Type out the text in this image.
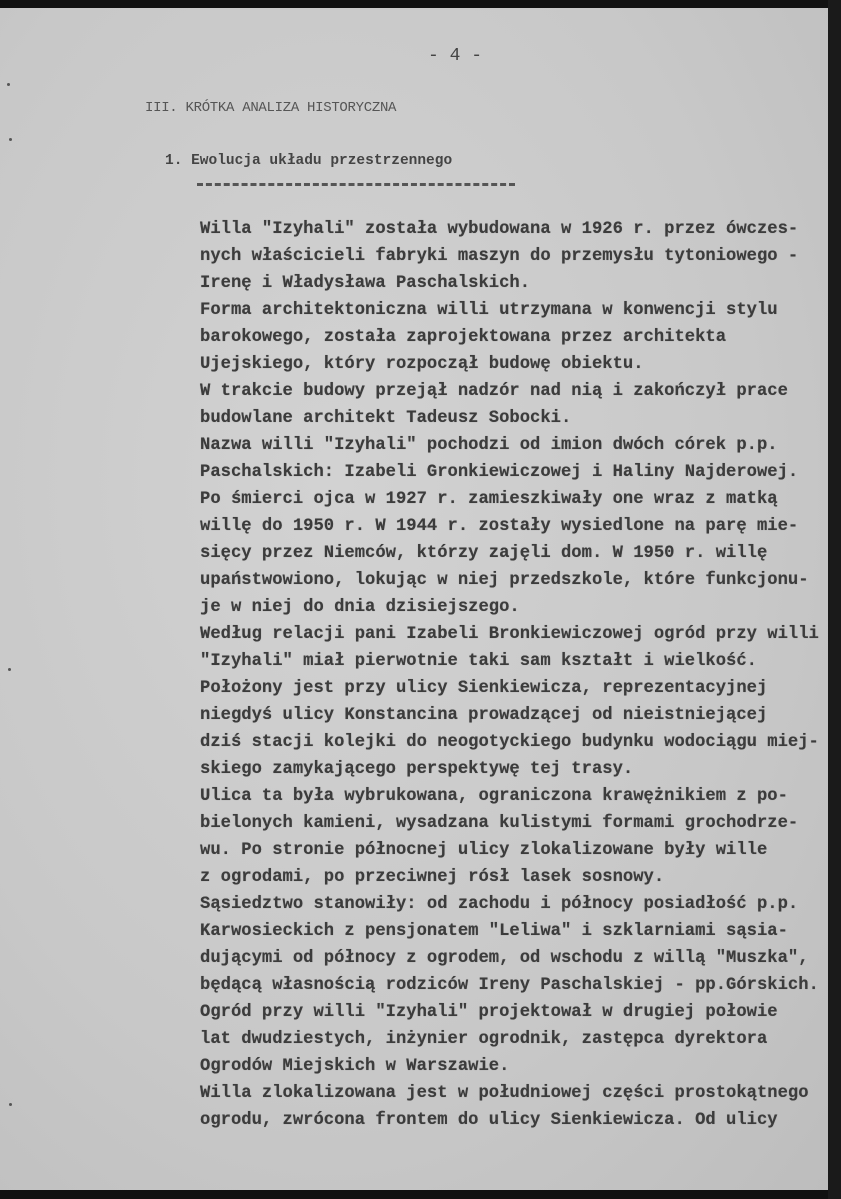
- 4 -
III. KRÓTKA ANALIZA HISTORYCZNA
1. Ewolucja układu przestrzennego
Willa "Izyhali" została wybudowana w 1926 r. przez ówczes-
nych właścicieli fabryki maszyn do przemysłu tytoniowego -
Irenę i Władysława Paschalskich.
Forma architektoniczna willi utrzymana w konwencji stylu
barokowego, została zaprojektowana przez architekta
Ujejskiego, który rozpoczął budowę obiektu.
W trakcie budowy przejął nadzór nad nią i zakończył prace
budowlane architekt Tadeusz Sobocki.
Nazwa willi "Izyhali" pochodzi od imion dwóch córek p.p.
Paschalskich: Izabeli Gronkiewiczowej i Haliny Najderowej.
Po śmierci ojca w 1927 r. zamieszkiwały one wraz z matką
willę do 1950 r. W 1944 r. zostały wysiedlone na parę mie-
sięcy przez Niemców, którzy zajęli dom. W 1950 r. willę
upaństwowiono, lokując w niej przedszkole, które funkcjonu-
je w niej do dnia dzisiejszego.
Według relacji pani Izabeli Bronkiewiczowej ogród przy willi
"Izyhali" miał pierwotnie taki sam kształt i wielkość.
Położony jest przy ulicy Sienkiewicza, reprezentacyjnej
niegdyś ulicy Konstancina prowadzącej od nieistniejącej
dziś stacji kolejki do neogotyckiego budynku wodociągu miej-
skiego zamykającego perspektywę tej trasy.
Ulica ta była wybrukowana, ograniczona krawężnikiem z po-
bielonych kamieni, wysadzana kulistymi formami grochodrze-
wu. Po stronie północnej ulicy zlokalizowane były wille
z ogrodami, po przeciwnej rósł lasek sosnowy.
Sąsiedztwo stanowiły: od zachodu i północy posiadłość p.p.
Karwosieckich z pensjonatem "Leliwa" i szklarniami sąsia-
dującymi od północy z ogrodem, od wschodu z willą "Muszka",
będącą własnością rodziców Ireny Paschalskiej - pp.Górskich.
Ogród przy willi "Izyhali" projektował w drugiej połowie
lat dwudziestych, inżynier ogrodnik, zastępca dyrektora
Ogrodów Miejskich w Warszawie.
Willa zlokalizowana jest w południowej części prostokątnego
ogrodu, zwrócona frontem do ulicy Sienkiewicza. Od ulicy
